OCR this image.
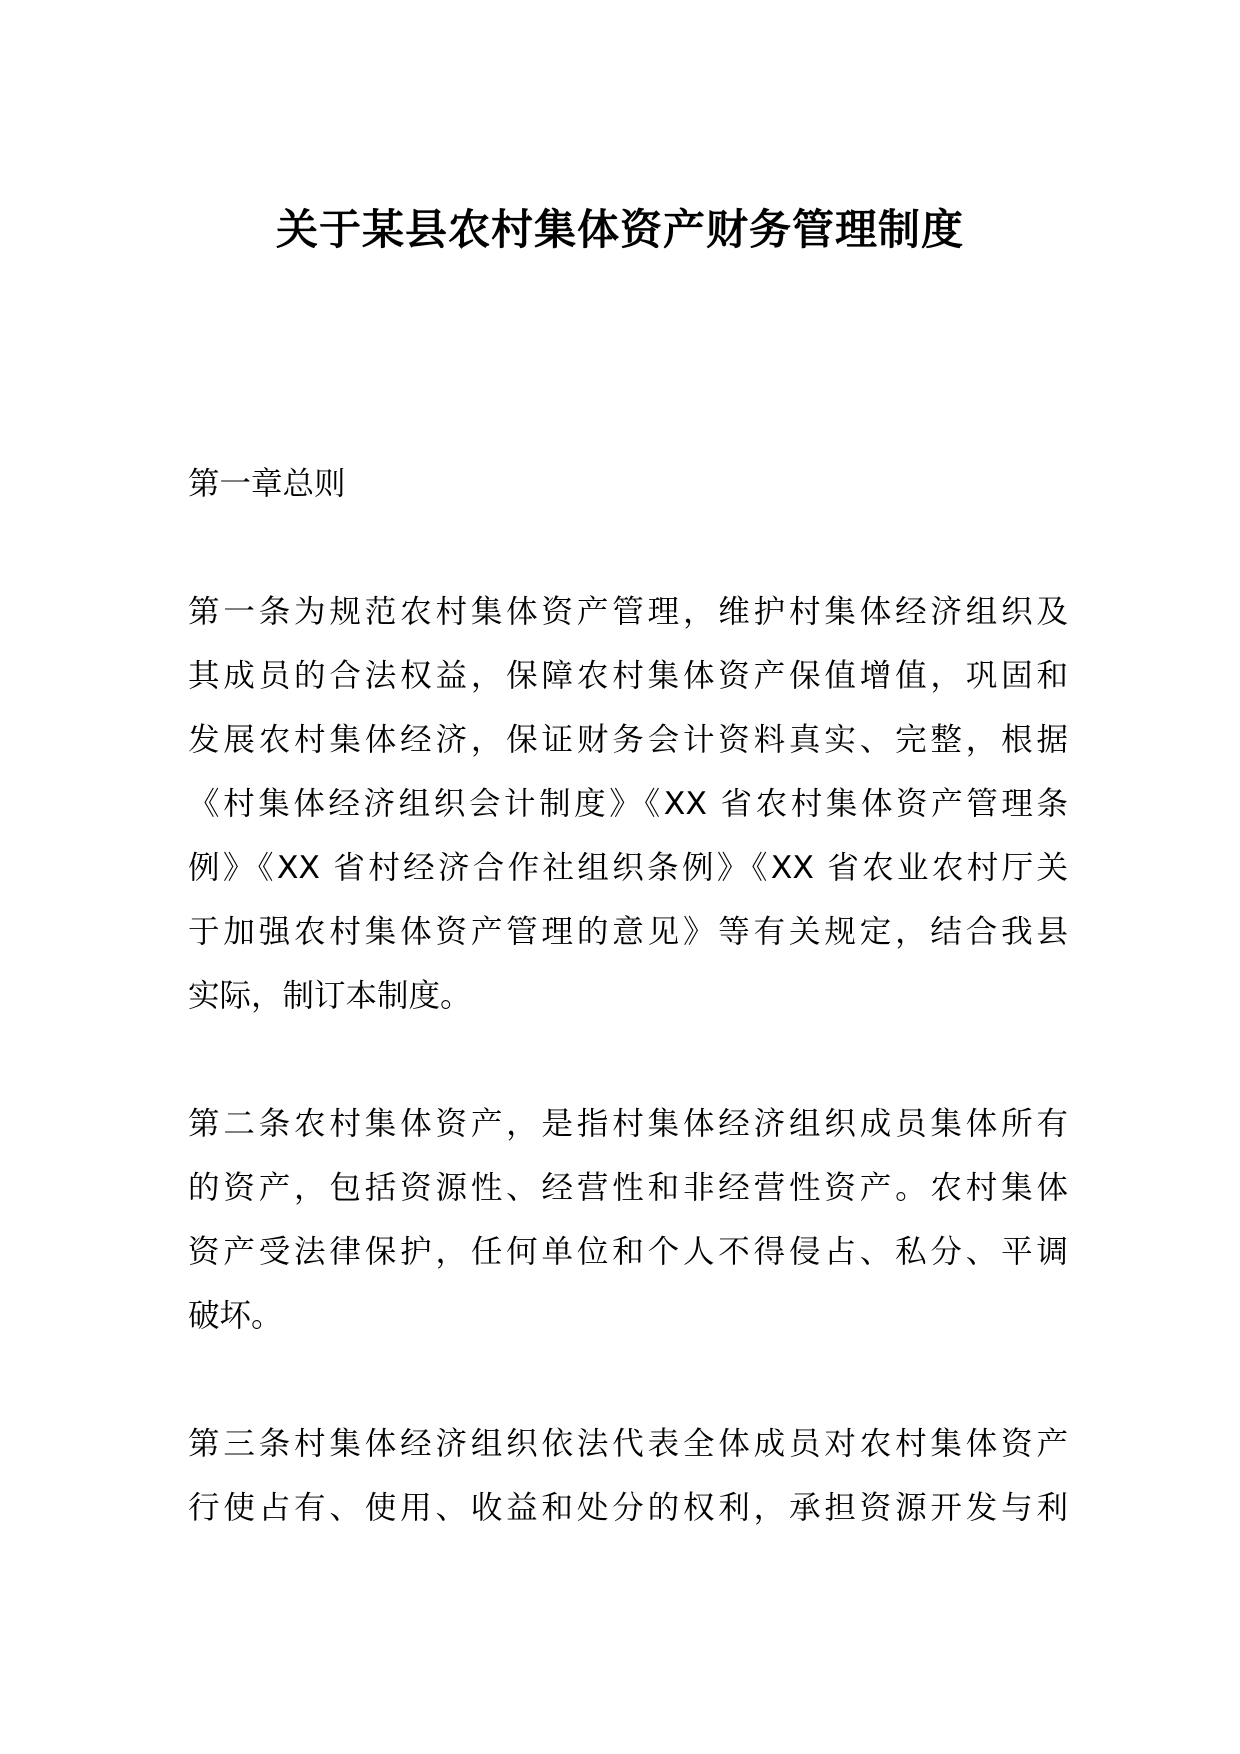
关于某县农村集体资产财务管理制度
第一章总则
第一条为规范农村集体资产管理，维护村集体经济组织及
其成员的合法权益，保障农村集体资产保值增值，巩固和
发展农村集体经济，保证财务会计资料真实、完整，根据
《村集体经济组织会计制度》《XX 省农村集体资产管理条
例》《XX 省村经济合作社组织条例》《XX 省农业农村厅关
于加强农村集体资产管理的意见》等有关规定，结合我县
实际，制订本制度。
第二条农村集体资产，是指村集体经济组织成员集体所有
的资产，包括资源性、经营性和非经营性资产。农村集体
资产受法律保护，任何单位和个人不得侵占、私分、平调
破坏。
第三条村集体经济组织依法代表全体成员对农村集体资产
行使占有、使用、收益和处分的权利，承担资源开发与利
